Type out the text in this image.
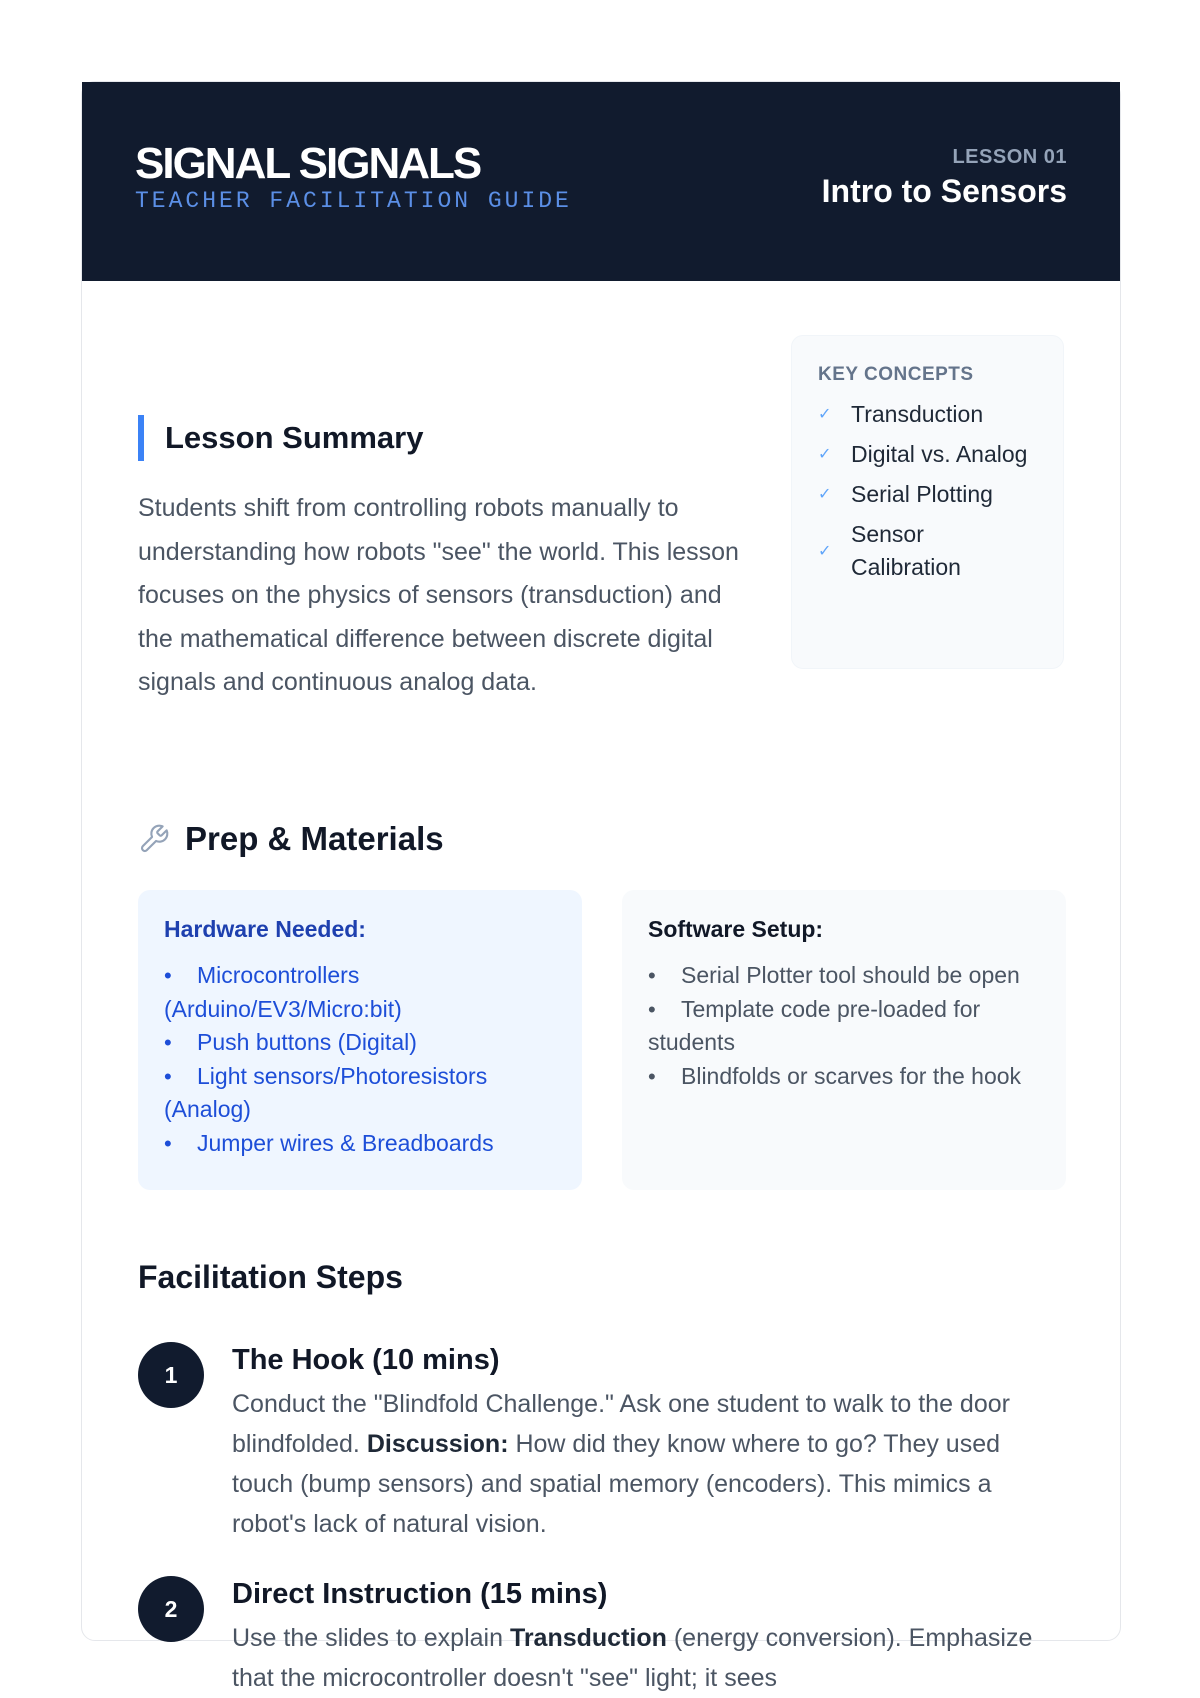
SIGNAL SIGNALS
TEACHER FACILITATION GUIDE
LESSON 01
Intro to Sensors
Lesson Summary

Students shift from controlling robots manually to understanding how robots "see" the world. This lesson focuses on the physics of sensors (transduction) and the mathematical difference between discrete digital signals and continuous analog data.

KEY CONCEPTS
✓ Transduction
✓ Digital vs. Analog
✓ Serial Plotting
✓
Sensor Calibration
Prep & Materials
Hardware Needed:
• Microcontrollers (Arduino/EV3/Micro:bit)
• Push buttons (Digital)
• Light sensors/Photoresistors (Analog)
• Jumper wires & Breadboards
Software Setup:
• Serial Plotter tool should be open
• Template code pre-loaded for students
• Blindfolds or scarves for the hook
Facilitation Steps
1	The Hook (10 mins)

Conduct the "Blindfold Challenge." Ask one student to walk to the door blindfolded. Discussion: How did they know where to go? They used touch (bump sensors) and spatial memory (encoders). This mimics a robot's lack of natural vision.

2	Direct Instruction (15 mins)

Use the slides to explain Transduction (energy conversion). Emphasize that the microcontroller doesn't "see" light; it sees
